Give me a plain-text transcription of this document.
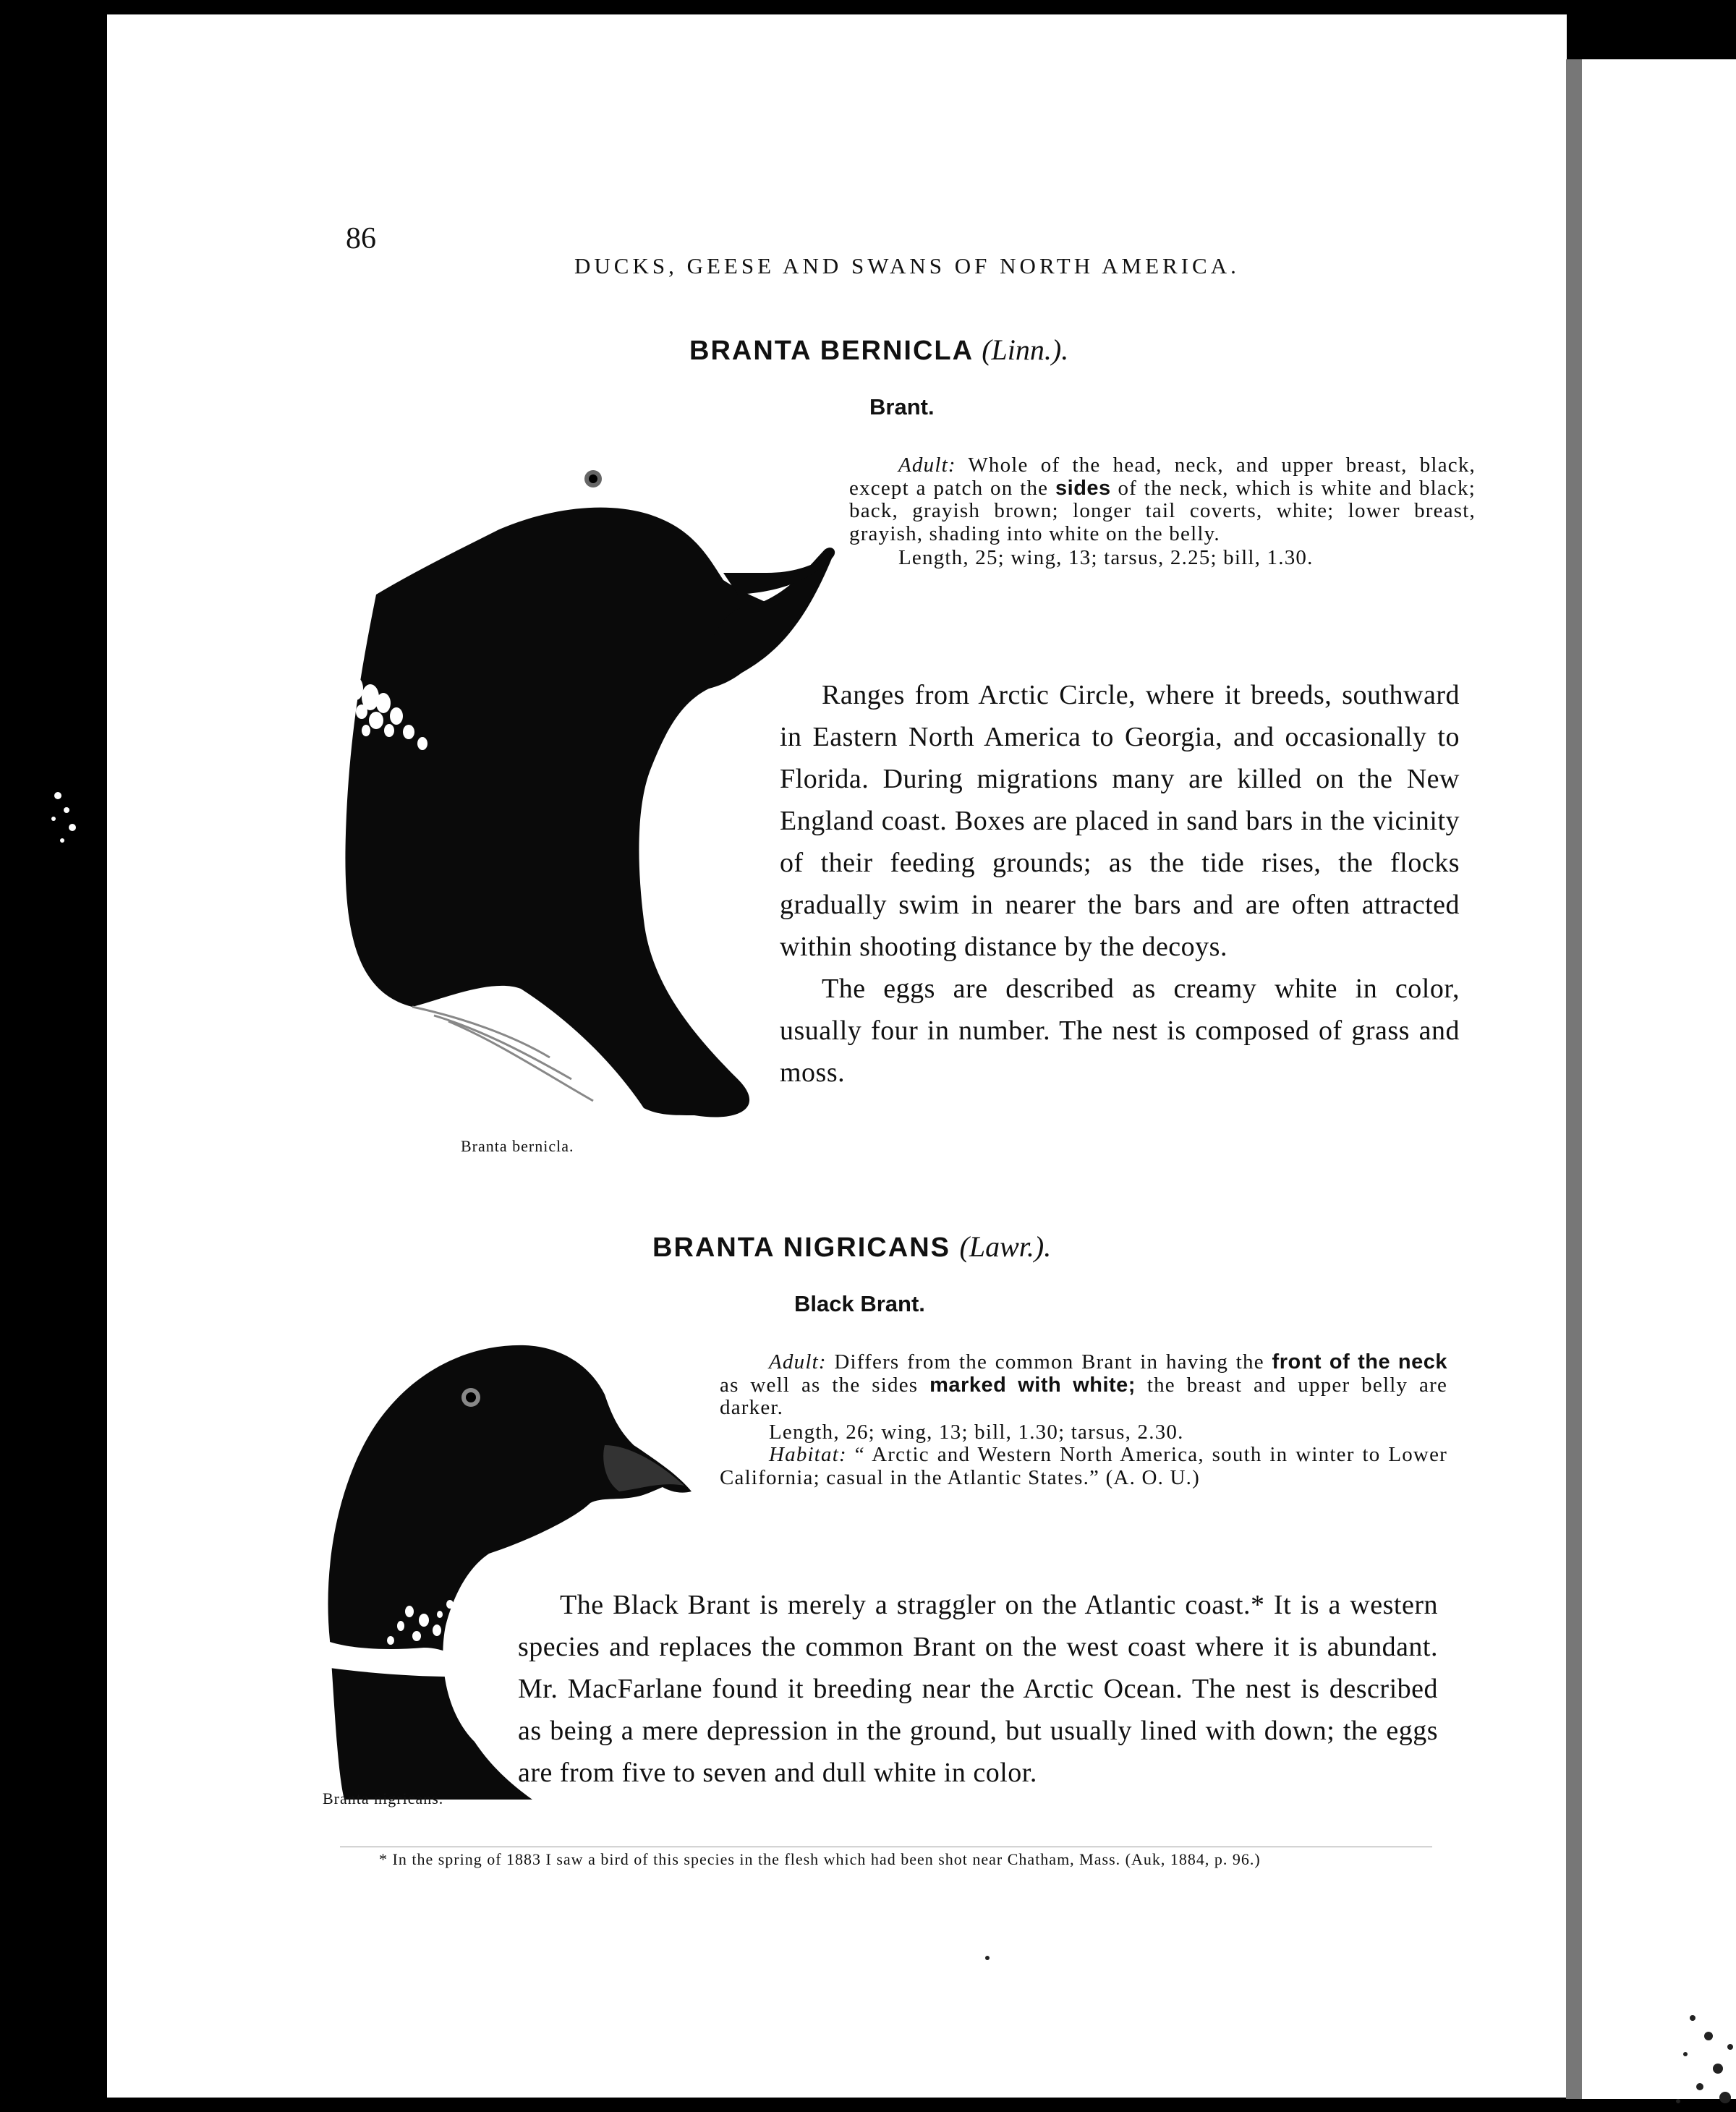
86
DUCKS, GEESE AND SWANS OF NORTH AMERICA.
BRANTA BERNICLA (Linn.).
Brant.
Adult: Whole of the head, neck, and upper breast, black, except a patch on the sides of the neck, which is white and black; back, grayish brown; longer tail coverts, white; lower breast, grayish, shading into white on the belly.
Length, 25; wing, 13; tarsus, 2.25; bill, 1.30.

Ranges from Arctic Circle, where it breeds, southward in Eastern North America to Georgia, and occasionally to Florida. During migrations many are killed on the New England coast. Boxes are placed in sand bars in the vicinity of their feeding grounds; as the tide rises, the flocks gradually swim in nearer the bars and are often attracted within shooting distance by the decoys.

The eggs are described as creamy white in color, usually four in number. The nest is composed of grass and moss.

Branta bernicla.
BRANTA NIGRICANS (Lawr.).
Black Brant.
Adult: Differs from the common Brant in having the front of the neck as well as the sides marked with white; the breast and upper belly are darker.
Length, 26; wing, 13; bill, 1.30; tarsus, 2.30.
Habitat: “ Arctic and Western North America, south in winter to Lower California; casual in the Atlantic States.” (A. O. U.)

The Black Brant is merely a straggler on the Atlantic coast.* It is a western species and replaces the common Brant on the west coast where it is abundant. Mr. MacFarlane found it breeding near the Arctic Ocean. The nest is described as being a mere depression in the ground, but usually lined with down; the eggs are from five to seven and dull white in color.

Branta nigricans.
* In the spring of 1883 I saw a bird of this species in the flesh which had been shot near Chatham, Mass. (Auk, 1884, p. 96.)
